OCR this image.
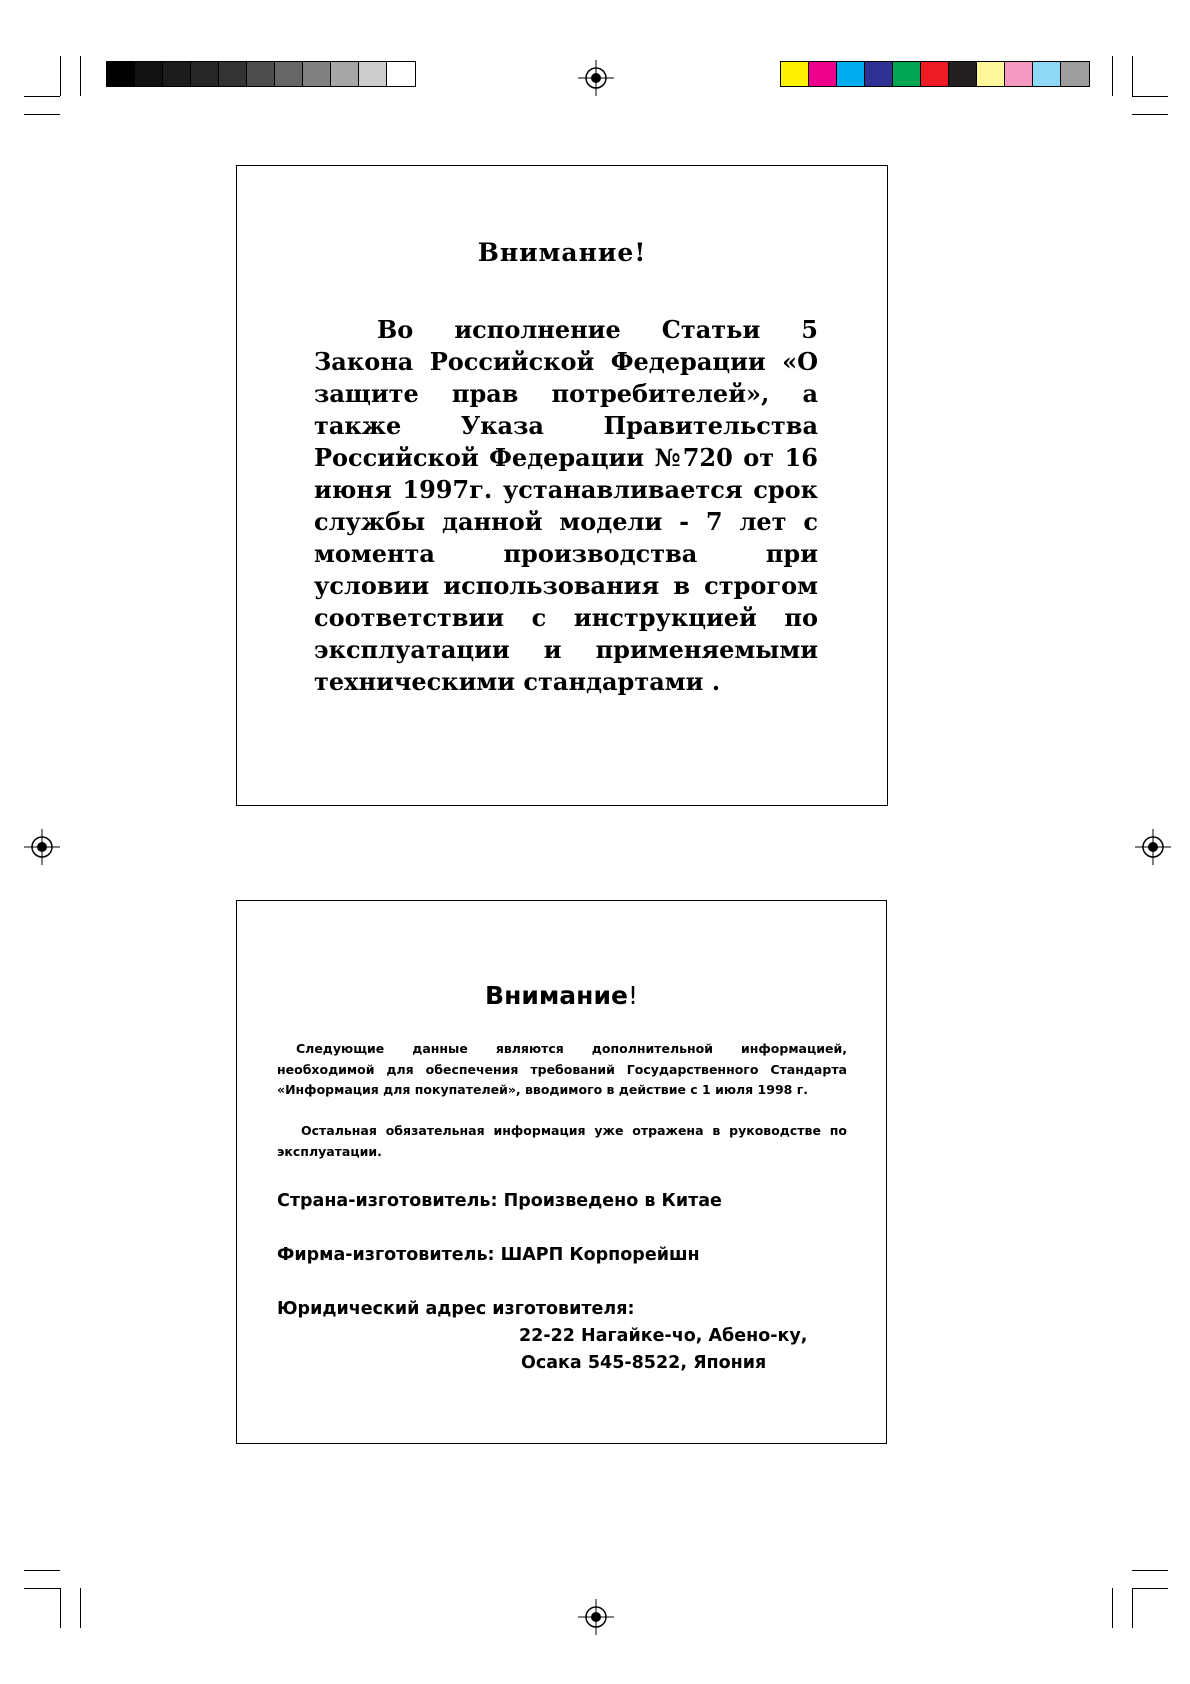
Внимание!

Во исполнение Статьи 5 Закона Российской Федерации «О защите прав потребителей», а также Указа Правительства Российской Федерации №720 от 16 июня 1997г. устанавливается срок службы данной модели - 7 лет с момента производства при условии использования в строгом соответствии с инструкцией по эксплуатации и применяемыми техническими стандартами .

Внимание!

Следующие данные являются дополнительной информацией, необходимой для обеспечения требований Государственного Стандарта «Информация для покупателей», вводимого в действие с 1 июля 1998 г.

Остальная обязательная информация уже отражена в руководстве по эксплуатации.

Страна-изготовитель: Произведено в Китае
Фирма-изготовитель: ШАРП Корпорейшн
Юридический адрес изготовителя:
22-22 Нагайке-чо, Абено-ку,
Осака 545-8522, Япония
